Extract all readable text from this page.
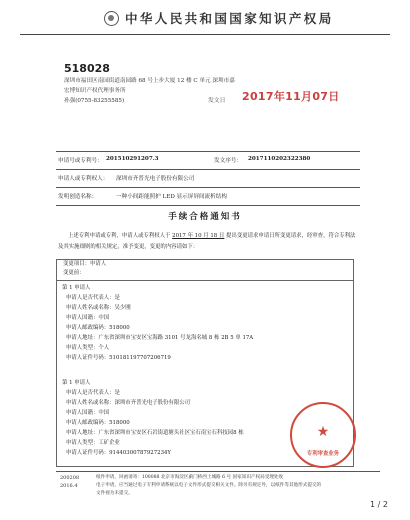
中华人民共和国国家知识产权局
518028
深圳市福田区南园街道南园路 68 号上步大厦 12 楼 C 单元 深圳市嘉
宏博知识产权代理事务所
孙强(0755-83255585)	发文日 2017年11月07日
申请号或专利号： 201510291207.3	发文序号： 2017110202322380
申请人或专利权人： 深圳市齐普光电子股份有限公司
发明创造名称：	一种小间距能照护 LED 显示屏屏间流析结构
手续合格通知书
上述专利申请或专利，申请人或专利权人于 2017 年 10 月 18 日 提出变更请求申请日所变更请求，经审查，符合专利法及其实施细则的相关规定，准予变更，变更的内容请如下：
变更项目：申请人
变更前：
第 1 申请人
申请人是否代表人：是
申请人姓名或名称：吴少刚
申请人国籍：中国
申请人邮政编码：518000
申请人地址：广东省深圳市宝安区宝海路 3101 号龙海名城 8 栋 2B 5 单 17A
申请人类型：个人
申请人证件号码：510181197707206719
第 1 申请人
申请人是否代表人：是
申请人姓名或名称：深圳市齐普光电子股份有限公司
申请人国籍：中国
申请人邮政编码：518000
申请人地址：广东省深圳市宝安区石岩街道塘头社区宝石南宝石科技园8 栋
申请人类型：工矿企业
申请人证件号码：91440300787927234Y
★
专利审查业务
200208
2016.4
纸件申请，回函请寄：100088 北京市海淀区蓟门桥西土城路 6 号 国家知识产权局受理处收
电子申请，应当通过电子专利申请系统以电子文件形式提交相关文件。除另有规定外，以纸件等其他形式提交的
文件视为未提交。
1 / 2
